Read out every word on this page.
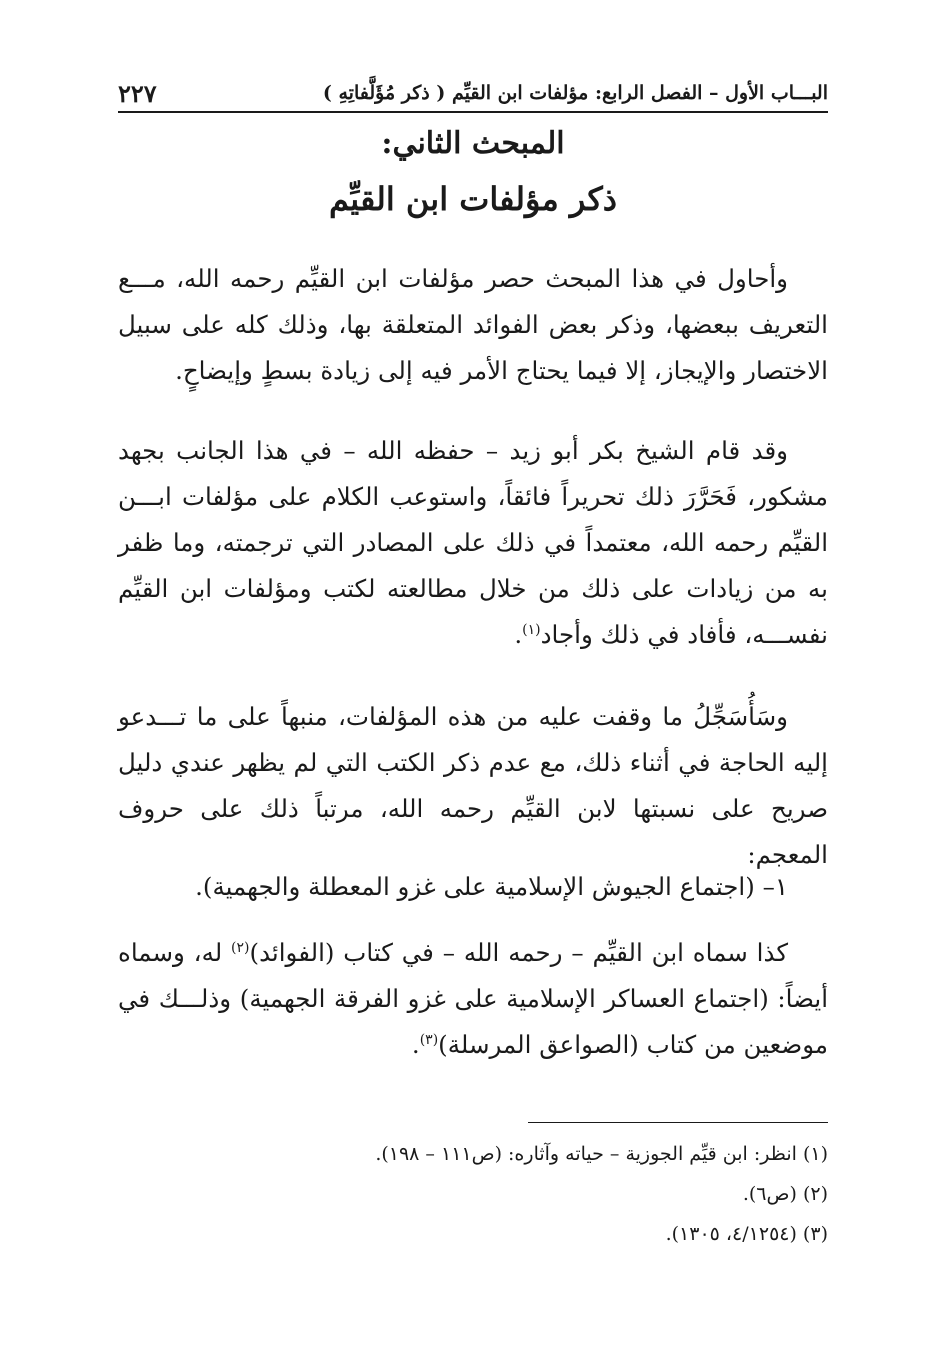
البـــاب الأول – الفصل الرابع: مؤلفات ابن القيِّم ( ذكر مُؤَلَّفاتِهِ )
٢٢٧
المبحث الثاني:
ذكر مؤلفات ابن القيِّم

وأحاول في هذا المبحث حصر مؤلفات ابن القيِّم رحمه الله، مـــع التعريف ببعضها، وذكر بعض الفوائد المتعلقة بها، وذلك كله على سبيل الاختصار والإيجاز، إلا فيما يحتاج الأمر فيه إلى زيادة بسطٍ وإيضاحٍ.

وقد قام الشيخ بكر أبو زيد – حفظه الله – في هذا الجانب بجهد مشكور، فَحَرَّرَ ذلك تحريراً فائقاً، واستوعب الكلام على مؤلفات ابـــن القيِّم رحمه الله، معتمداً في ذلك على المصادر التي ترجمته، وما ظفر به من زيادات على ذلك من خلال مطالعته لكتب ومؤلفات ابن القيِّم نفســـه، فأفاد في ذلك وأجاد$^{(١)}$.

وسَأُسَجِّلُ ما وقفت عليه من هذه المؤلفات، منبهاً على ما تـــدعو إليه الحاجة في أثناء ذلك، مع عدم ذكر الكتب التي لم يظهر عندي دليل صريح على نسبتها لابن القيِّم رحمه الله، مرتباً ذلك على حروف المعجم:

١– (اجتماع الجيوش الإسلامية على غزو المعطلة والجهمية).

كذا سماه ابن القيِّم – رحمه الله – في كتاب (الفوائد)$^{(٢)}$ له، وسماه أيضاً: (اجتماع العساكر الإسلامية على غزو الفرقة الجهمية) وذلـــك في موضعين من كتاب (الصواعق المرسلة)$^{(٣)}$.

(١) انظر: ابن قيِّم الجوزية – حياته وآثاره: (ص١١١ – ١٩٨).

(٢) (ص٦).

(٣) (٤/١٢٥٤، ١٣٠٥).
